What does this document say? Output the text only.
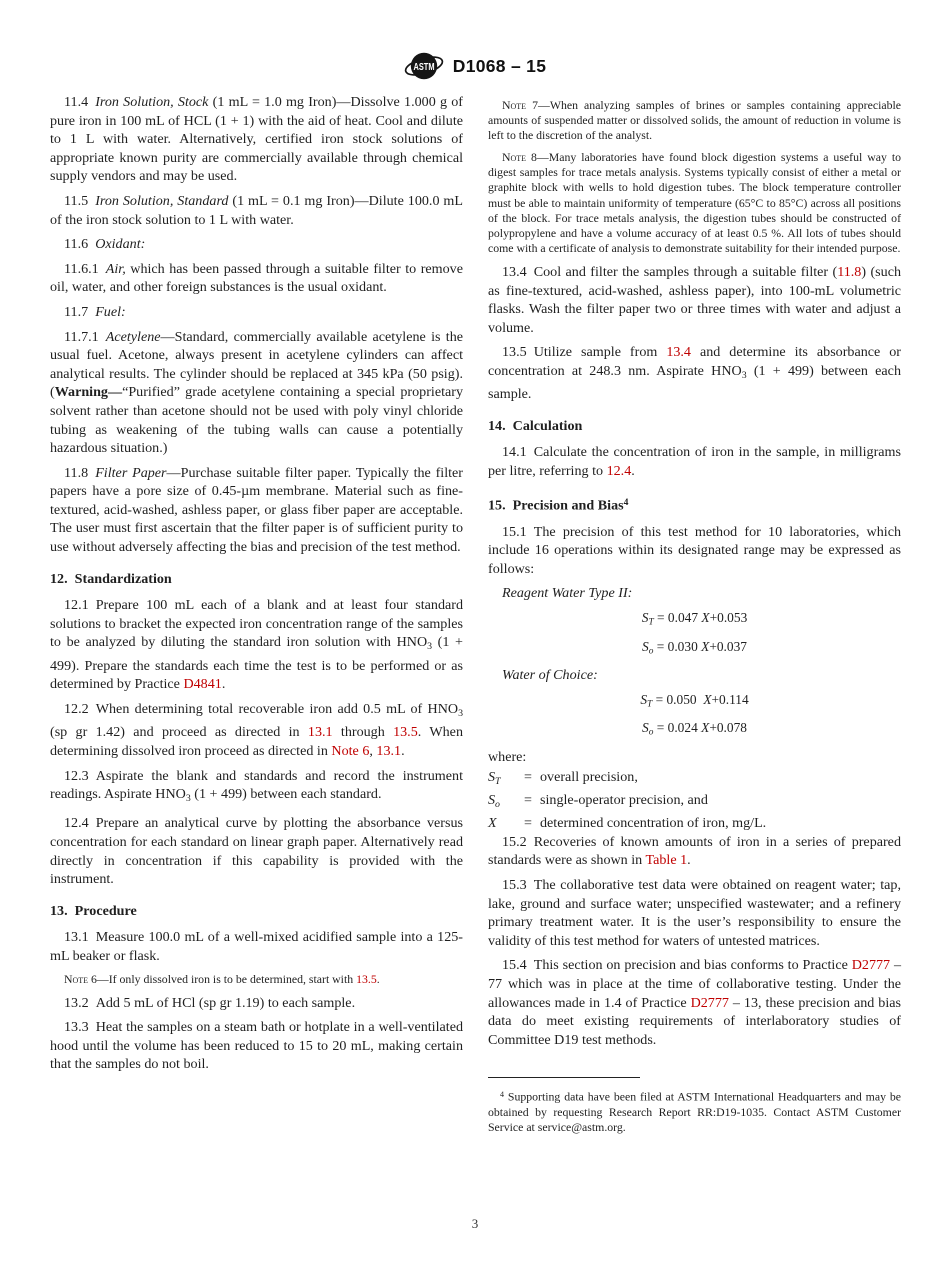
ASTM D1068 – 15
11.4 Iron Solution, Stock (1 mL = 1.0 mg Iron)—Dissolve 1.000 g of pure iron in 100 mL of HCL (1 + 1) with the aid of heat. Cool and dilute to 1 L with water. Alternatively, certified iron stock solutions of appropriate known purity are commercially available through chemical supply vendors and may be used.
11.5 Iron Solution, Standard (1 mL = 0.1 mg Iron)—Dilute 100.0 mL of the iron stock solution to 1 L with water.
11.6 Oxidant:
11.6.1 Air, which has been passed through a suitable filter to remove oil, water, and other foreign substances is the usual oxidant.
11.7 Fuel:
11.7.1 Acetylene—Standard, commercially available acetylene is the usual fuel. Acetone, always present in acetylene cylinders can affect analytical results. The cylinder should be replaced at 345 kPa (50 psig). (Warning—“Purified” grade acetylene containing a special proprietary solvent rather than acetone should not be used with poly vinyl chloride tubing as weakening of the tubing walls can cause a potentially hazardous situation.)
11.8 Filter Paper—Purchase suitable filter paper. Typically the filter papers have a pore size of 0.45-µm membrane. Material such as fine-textured, acid-washed, ashless paper, or glass fiber paper are acceptable. The user must first ascertain that the filter paper is of sufficient purity to use without adversely affecting the bias and precision of the test method.
12. Standardization
12.1 Prepare 100 mL each of a blank and at least four standard solutions to bracket the expected iron concentration range of the samples to be analyzed by diluting the standard iron solution with HNO3 (1 + 499). Prepare the standards each time the test is to be performed or as determined by Practice D4841.
12.2 When determining total recoverable iron add 0.5 mL of HNO3 (sp gr 1.42) and proceed as directed in 13.1 through 13.5. When determining dissolved iron proceed as directed in Note 6, 13.1.
12.3 Aspirate the blank and standards and record the instrument readings. Aspirate HNO3 (1 + 499) between each standard.
12.4 Prepare an analytical curve by plotting the absorbance versus concentration for each standard on linear graph paper. Alternatively read directly in concentration if this capability is provided with the instrument.
13. Procedure
13.1 Measure 100.0 mL of a well-mixed acidified sample into a 125-mL beaker or flask.
Note 6—If only dissolved iron is to be determined, start with 13.5.
13.2 Add 5 mL of HCl (sp gr 1.19) to each sample.
13.3 Heat the samples on a steam bath or hotplate in a well-ventilated hood until the volume has been reduced to 15 to 20 mL, making certain that the samples do not boil.
Note 7—When analyzing samples of brines or samples containing appreciable amounts of suspended matter or dissolved solids, the amount of reduction in volume is left to the discretion of the analyst.
Note 8—Many laboratories have found block digestion systems a useful way to digest samples for trace metals analysis. Systems typically consist of either a metal or graphite block with wells to hold digestion tubes. The block temperature controller must be able to maintain uniformity of temperature (65°C to 85°C) across all positions of the block. For trace metals analysis, the digestion tubes should be constructed of polypropylene and have a volume accuracy of at least 0.5 %. All lots of tubes should come with a certificate of analysis to demonstrate suitability for their intended purpose.
13.4 Cool and filter the samples through a suitable filter (11.8) (such as fine-textured, acid-washed, ashless paper), into 100-mL volumetric flasks. Wash the filter paper two or three times with water and adjust a volume.
13.5 Utilize sample from 13.4 and determine its absorbance or concentration at 248.3 nm. Aspirate HNO3 (1 + 499) between each sample.
14. Calculation
14.1 Calculate the concentration of iron in the sample, in milligrams per litre, referring to 12.4.
15. Precision and Bias$^4$
15.1 The precision of this test method for 10 laboratories, which include 16 operations within its designated range may be expressed as follows:
Reagent Water Type II:
ST = 0.047 X+0.053
So = 0.030 X+0.037
Water of Choice:
ST = 0.050 X+0.114
So = 0.024 X+0.078
where:
ST	= overall precision,
So	= single-operator precision, and
X	= determined concentration of iron, mg/L.
15.2 Recoveries of known amounts of iron in a series of prepared standards were as shown in Table 1.
15.3 The collaborative test data were obtained on reagent water; tap, lake, ground and surface water; unspecified wastewater; and a refinery primary treatment water. It is the user’s responsibility to ensure the validity of this test method for waters of untested matrices.
15.4 This section on precision and bias conforms to Practice D2777 – 77 which was in place at the time of collaborative testing. Under the allowances made in 1.4 of Practice D2777 – 13, these precision and bias data do meet existing requirements of interlaboratory studies of Committee D19 test methods.
$^4$ Supporting data have been filed at ASTM International Headquarters and may be obtained by requesting Research Report RR:D19-1035. Contact ASTM Customer Service at service@astm.org.
3
